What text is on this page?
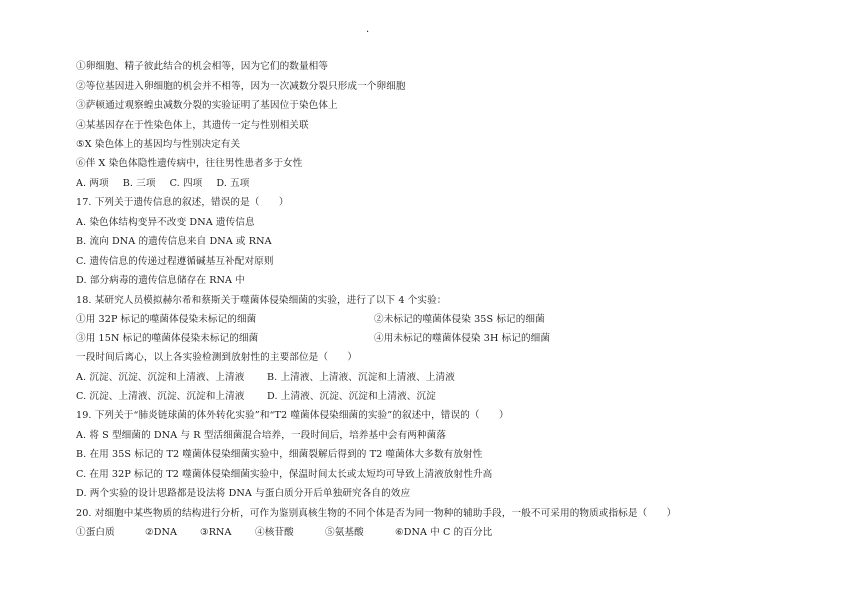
·
①卵细胞、精子彼此结合的机会相等，因为它们的数量相等
②等位基因进入卵细胞的机会并不相等，因为一次减数分裂只形成一个卵细胞
③萨顿通过观察蝗虫减数分裂的实验证明了基因位于染色体上
④某基因存在于性染色体上，其遗传一定与性别相关联
⑤X 染色体上的基因均与性别决定有关
⑥伴 X 染色体隐性遗传病中，往往男性患者多于女性
A. 两项 B. 三项 C. 四项 D. 五项
17. 下列关于遗传信息的叙述，错误的是（　　）
A. 染色体结构变异不改变 DNA 遗传信息
B. 流向 DNA 的遗传信息来自 DNA 或 RNA
C. 遗传信息的传递过程遵循碱基互补配对原则
D. 部分病毒的遗传信息储存在 RNA 中
18. 某研究人员模拟赫尔希和蔡斯关于噬菌体侵染细菌的实验，进行了以下 4 个实验：
①用 32P 标记的噬菌体侵染未标记的细菌	②未标记的噬菌体侵染 35S 标记的细菌
③用 15N 标记的噬菌体侵染未标记的细菌	④用未标记的噬菌体侵染 3H 标记的细菌
一段时间后离心，以上各实验检测到放射性的主要部位是（　　）
A. 沉淀、沉淀、沉淀和上清液、上清液 B. 上清液、上清液、沉淀和上清液、上清液
C. 沉淀、上清液、沉淀、沉淀和上清液 D. 上清液、沉淀、沉淀和上清液、沉淀
19. 下列关于“肺炎链球菌的体外转化实验”和“T2 噬菌体侵染细菌的实验”的叙述中，错误的（　　）
A. 将 S 型细菌的 DNA 与 R 型活细菌混合培养，一段时间后，培养基中会有两种菌落
B. 在用 35S 标记的 T2 噬菌体侵染细菌实验中，细菌裂解后得到的 T2 噬菌体大多数有放射性
C. 在用 32P 标记的 T2 噬菌体侵染细菌实验中，保温时间太长或太短均可导致上清液放射性升高
D. 两个实验的设计思路都是设法将 DNA 与蛋白质分开后单独研究各自的效应
20. 对细胞中某些物质的结构进行分析，可作为鉴别真核生物的不同个体是否为同一物种的辅助手段，一般不可采用的物质或指标是（　　）
①蛋白质	②DNA ③RNA ④核苷酸	⑤氨基酸	⑥DNA 中 C 的百分比
